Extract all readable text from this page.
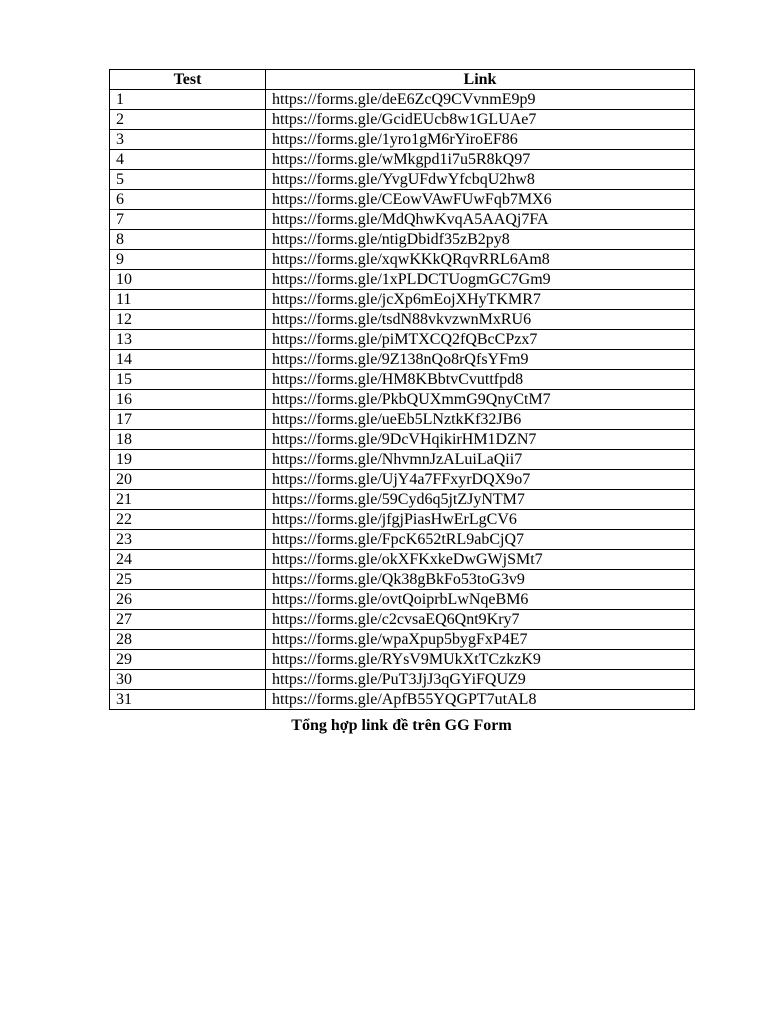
Test	Link
1	https://forms.gle/deE6ZcQ9CVvnmE9p9
2	https://forms.gle/GcidEUcb8w1GLUAe7
3	https://forms.gle/1yro1gM6rYiroEF86
4	https://forms.gle/wMkgpd1i7u5R8kQ97
5	https://forms.gle/YvgUFdwYfcbqU2hw8
6	https://forms.gle/CEowVAwFUwFqb7MX6
7	https://forms.gle/MdQhwKvqA5AAQj7FA
8	https://forms.gle/ntigDbidf35zB2py8
9	https://forms.gle/xqwKKkQRqvRRL6Am8
10	https://forms.gle/1xPLDCTUogmGC7Gm9
11	https://forms.gle/jcXp6mEojXHyTKMR7
12	https://forms.gle/tsdN88vkvzwnMxRU6
13	https://forms.gle/piMTXCQ2fQBcCPzx7
14	https://forms.gle/9Z138nQo8rQfsYFm9
15	https://forms.gle/HM8KBbtvCvuttfpd8
16	https://forms.gle/PkbQUXmmG9QnyCtM7
17	https://forms.gle/ueEb5LNztkKf32JB6
18	https://forms.gle/9DcVHqikirHM1DZN7
19	https://forms.gle/NhvmnJzALuiLaQii7
20	https://forms.gle/UjY4a7FFxyrDQX9o7
21	https://forms.gle/59Cyd6q5jtZJyNTM7
22	https://forms.gle/jfgjPiasHwErLgCV6
23	https://forms.gle/FpcK652tRL9abCjQ7
24	https://forms.gle/okXFKxkeDwGWjSMt7
25	https://forms.gle/Qk38gBkFo53toG3v9
26	https://forms.gle/ovtQoiprbLwNqeBM6
27	https://forms.gle/c2cvsaEQ6Qnt9Kry7
28	https://forms.gle/wpaXpup5bygFxP4E7
29	https://forms.gle/RYsV9MUkXtTCzkzK9
30	https://forms.gle/PuT3JjJ3qGYiFQUZ9
31	https://forms.gle/ApfB55YQGPT7utAL8
Tổng hợp link đề trên GG Form
